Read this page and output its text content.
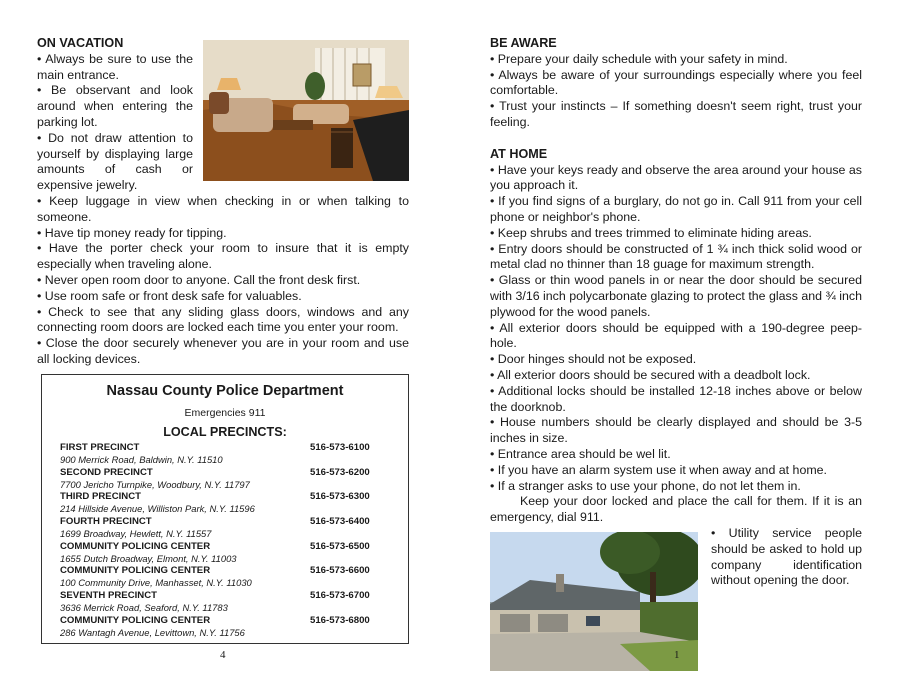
ON VACATION

• Always be sure to use the main entrance.

• Be observant and look around when entering the parking lot.

• Do not draw attention to yourself by displaying large amounts of cash or expensive jewelry.

• Keep luggage in view when checking in or when talking to someone.

• Have tip money ready for tipping.

• Have the porter check your room to insure that it is empty especially when traveling alone.

• Never open room door to anyone. Call the front desk first.

• Use room safe or front desk safe for valuables.

• Check to see that any sliding glass doors, windows and any connecting room doors are locked each time you enter your room.

• Close the door securely whenever you are in your room and use all locking devices.

Nassau County Police Department
Emergencies 911
LOCAL PRECINCTS:
FIRST PRECINCT	516-573-6100
900 Merrick Road, Baldwin, N.Y. 11510
SECOND PRECINCT	516-573-6200
7700 Jericho Turnpike, Woodbury, N.Y. 11797
THIRD PRECINCT	516-573-6300
214 Hillside Avenue, Williston Park, N.Y. 11596
FOURTH PRECINCT	516-573-6400
1699 Broadway, Hewlett, N.Y. 11557
COMMUNITY POLICING CENTER	516-573-6500
1655 Dutch Broadway, Elmont, N.Y. 11003
COMMUNITY POLICING CENTER	516-573-6600
100 Community Drive, Manhasset, N.Y. 11030
SEVENTH PRECINCT	516-573-6700
3636 Merrick Road, Seaford, N.Y. 11783
COMMUNITY POLICING CENTER	516-573-6800
286 Wantagh Avenue, Levittown, N.Y. 11756
4
BE AWARE

• Prepare your daily schedule with your safety in mind.

• Always be aware of your surroundings especially where you feel comfortable.

• Trust your instincts – If something doesn't seem right, trust your feeling.

AT HOME

• Have your keys ready and observe the area around your house as you approach it.

• If you find signs of a burglary, do not go in. Call 911 from your cell phone or neighbor's phone.

• Keep shrubs and trees trimmed to eliminate hiding areas.

• Entry doors should be constructed of 1 ¾ inch thick solid wood or metal clad no thinner than 18 guage for maximum strength.

• Glass or thin wood panels in or near the door should be secured with 3/16 inch polycarbonate glazing to protect the glass and ¾ inch plywood for the wood panels.

• All exterior doors should be equipped with a 190-degree peep-hole.

• Door hinges should not be exposed.

• All exterior doors should be secured with a deadbolt lock.

• Additional locks should be installed 12-18 inches above or below the doorknob.

• House numbers should be clearly displayed and should be 3-5 inches in size.

• Entrance area should be wel lit.

• If you have an alarm system use it when away and at home.

• If a stranger asks to use your phone, do not let them in.

Keep your door locked and place the call for them. If it is an emergency, dial 911.

• Utility service people should be asked to hold up company identification without opening the door.

1
